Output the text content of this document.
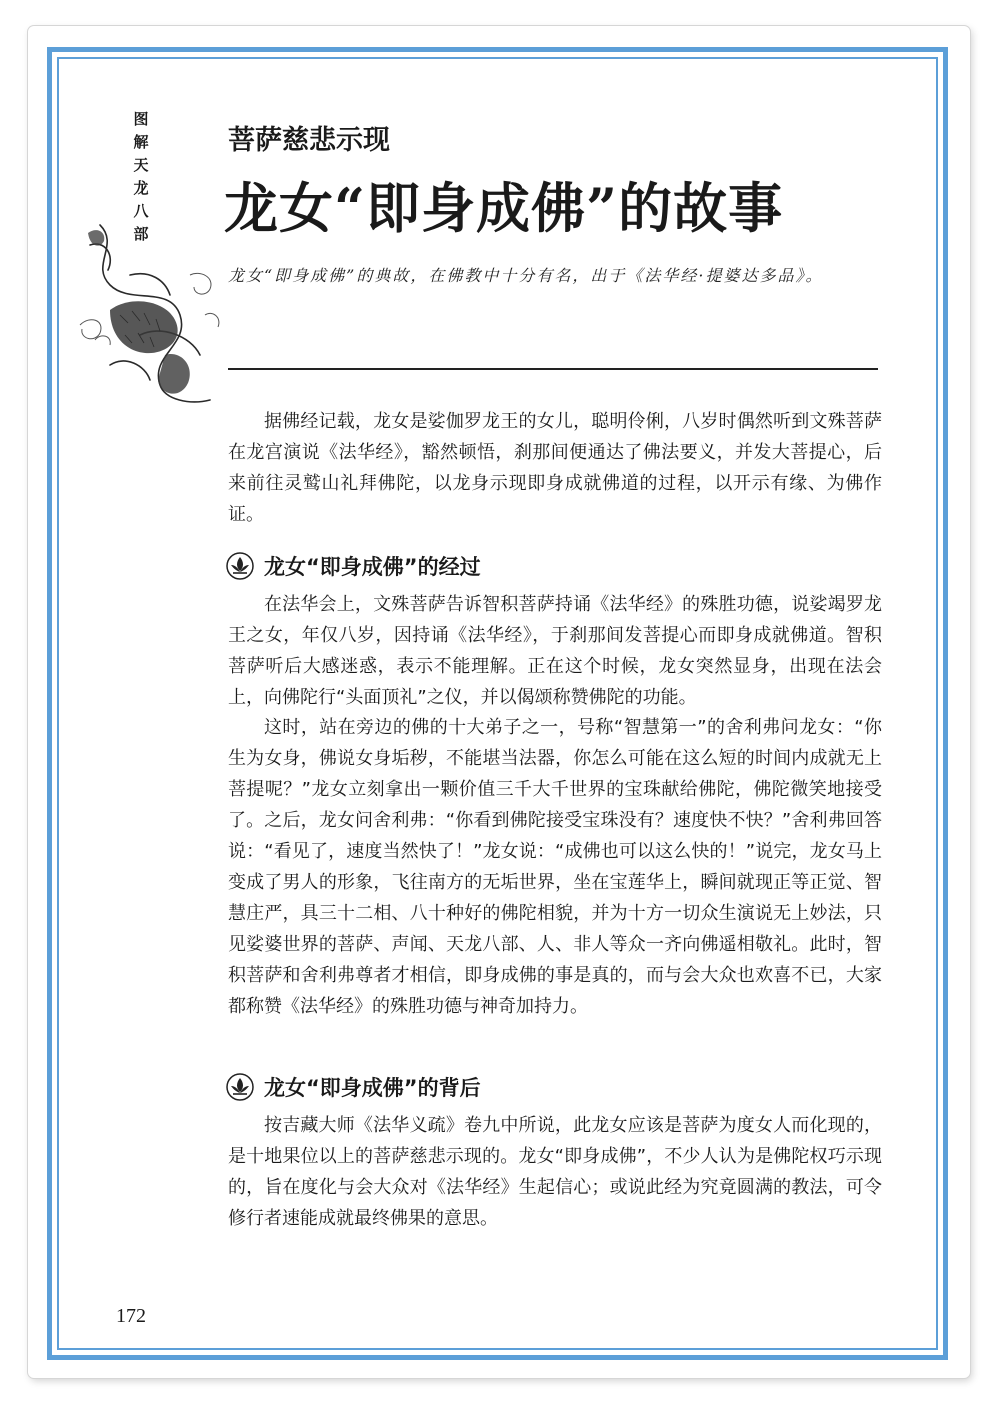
图解天龙八部
菩萨慈悲示现
龙女“即身成佛”的故事
龙女“即身成佛”的典故，在佛教中十分有名，出于《法华经·提婆达多品》。
据佛经记载，龙女是娑伽罗龙王的女儿，聪明伶俐，八岁时偶然听到文殊菩萨在龙宫演说《法华经》，豁然顿悟，刹那间便通达了佛法要义，并发大菩提心，后来前往灵鹫山礼拜佛陀，以龙身示现即身成就佛道的过程，以开示有缘、为佛作证。
龙女“即身成佛”的经过
在法华会上，文殊菩萨告诉智积菩萨持诵《法华经》的殊胜功德，说娑竭罗龙王之女，年仅八岁，因持诵《法华经》，于刹那间发菩提心而即身成就佛道。智积菩萨听后大感迷惑，表示不能理解。正在这个时候，龙女突然显身，出现在法会上，向佛陀行“头面顶礼”之仪，并以偈颂称赞佛陀的功能。
这时，站在旁边的佛的十大弟子之一，号称“智慧第一”的舍利弗问龙女：“你生为女身，佛说女身垢秽，不能堪当法器，你怎么可能在这么短的时间内成就无上菩提呢？”龙女立刻拿出一颗价值三千大千世界的宝珠献给佛陀，佛陀微笑地接受了。之后，龙女问舍利弗：“你看到佛陀接受宝珠没有？速度快不快？”舍利弗回答说：“看见了，速度当然快了！”龙女说：“成佛也可以这么快的！”说完，龙女马上变成了男人的形象，飞往南方的无垢世界，坐在宝莲华上，瞬间就现正等正觉、智慧庄严，具三十二相、八十种好的佛陀相貌，并为十方一切众生演说无上妙法，只见娑婆世界的菩萨、声闻、天龙八部、人、非人等众一齐向佛遥相敬礼。此时，智积菩萨和舍利弗尊者才相信，即身成佛的事是真的，而与会大众也欢喜不已，大家都称赞《法华经》的殊胜功德与神奇加持力。
龙女“即身成佛”的背后
按吉藏大师《法华义疏》卷九中所说，此龙女应该是菩萨为度女人而化现的，是十地果位以上的菩萨慈悲示现的。龙女“即身成佛”，不少人认为是佛陀权巧示现的，旨在度化与会大众对《法华经》生起信心；或说此经为究竟圆满的教法，可令修行者速能成就最终佛果的意思。
172
